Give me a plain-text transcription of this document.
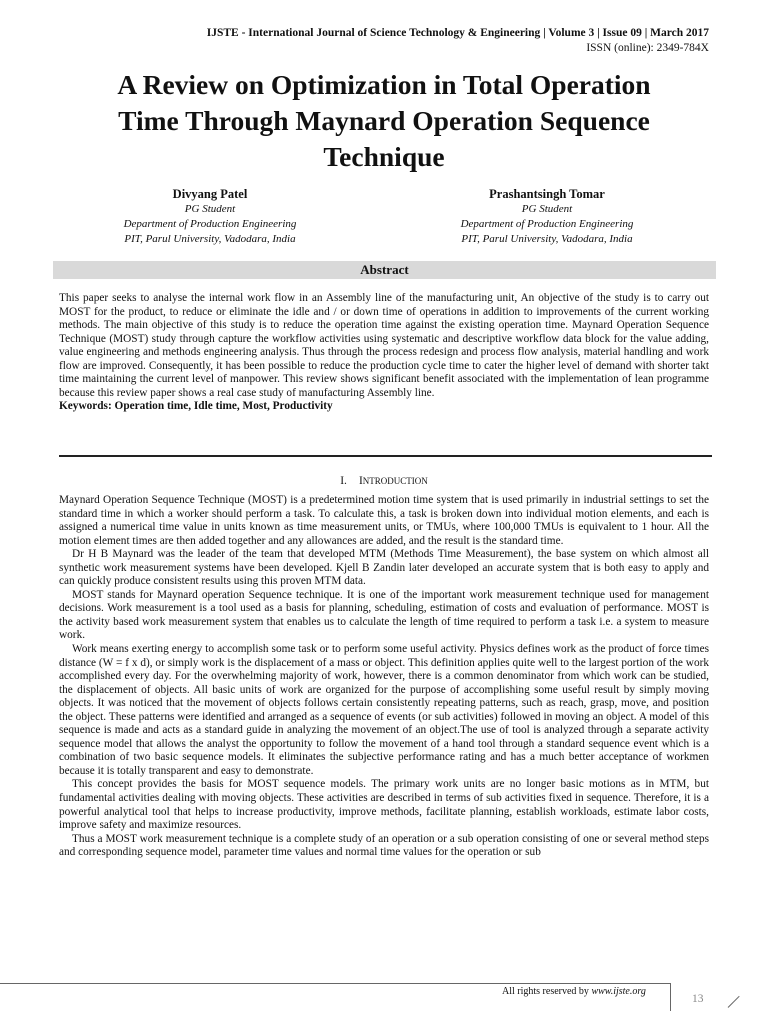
IJSTE - International Journal of Science Technology & Engineering | Volume 3 | Issue 09 | March 2017
ISSN (online): 2349-784X
A Review on Optimization in Total Operation
Time Through Maynard Operation Sequence
Technique
Divyang Patel
PG Student
Department of Production Engineering
PIT, Parul University, Vadodara, India
Prashantsingh Tomar
PG Student
Department of Production Engineering
PIT, Parul University, Vadodara, India
Abstract
This paper seeks to analyse the internal work flow in an Assembly line of the manufacturing unit, An objective of the study is to carry out MOST for the product, to reduce or eliminate the idle and / or down time of operations in addition to improvements of the current working methods. The main objective of this study is to reduce the operation time against the existing operation time. Maynard Operation Sequence Technique (MOST) study through capture the workflow activities using systematic and descriptive workflow data block for the value adding, value engineering and methods engineering analysis. Thus through the process redesign and process flow analysis, material handling and work flow are improved. Consequently, it has been possible to reduce the production cycle time to cater the higher level of demand with shorter takt time maintaining the current level of manpower. This review shows significant benefit associated with the implementation of lean programme because this review paper shows a real case study of manufacturing Assembly line.
Keywords: Operation time, Idle time, Most, Productivity
I. INTRODUCTION

Maynard Operation Sequence Technique (MOST) is a predetermined motion time system that is used primarily in industrial settings to set the standard time in which a worker should perform a task. To calculate this, a task is broken down into individual motion elements, and each is assigned a numerical time value in units known as time measurement units, or TMUs, where 100,000 TMUs is equivalent to 1 hour. All the motion element times are then added together and any allowances are added, and the result is the standard time.

Dr H B Maynard was the leader of the team that developed MTM (Methods Time Measurement), the base system on which almost all synthetic work measurement systems have been developed. Kjell B Zandin later developed an accurate system that is both easy to apply and can quickly produce consistent results using this proven MTM data.

MOST stands for Maynard operation Sequence technique. It is one of the important work measurement technique used for management decisions. Work measurement is a tool used as a basis for planning, scheduling, estimation of costs and evaluation of performance. MOST is the activity based work measurement system that enables us to calculate the length of time required to perform a task i.e. a system to measure work.

Work means exerting energy to accomplish some task or to perform some useful activity. Physics defines work as the product of force times distance (W = f x d), or simply work is the displacement of a mass or object. This definition applies quite well to the largest portion of the work accomplished every day. For the overwhelming majority of work, however, there is a common denominator from which work can be studied, the displacement of objects. All basic units of work are organized for the purpose of accomplishing some useful result by simply moving objects. It was noticed that the movement of objects follows certain consistently repeating patterns, such as reach, grasp, move, and position the object. These patterns were identified and arranged as a sequence of events (or sub activities) followed in moving an object. A model of this sequence is made and acts as a standard guide in analyzing the movement of an object.The use of tool is analyzed through a separate activity sequence model that allows the analyst the opportunity to follow the movement of a hand tool through a standard sequence event which is a combination of two basic sequence models. It eliminates the subjective performance rating and has a much better acceptance of workmen because it is totally transparent and easy to demonstrate.

This concept provides the basis for MOST sequence models. The primary work units are no longer basic motions as in MTM, but fundamental activities dealing with moving objects. These activities are described in terms of sub activities fixed in sequence. Therefore, it is a powerful analytical tool that helps to increase productivity, improve methods, facilitate planning, establish workloads, estimate labor costs, improve safety and maximize resources.

Thus a MOST work measurement technique is a complete study of an operation or a sub operation consisting of one or several method steps and corresponding sequence model, parameter time values and normal time values for the operation or sub

All rights reserved by www.ijste.org
13
